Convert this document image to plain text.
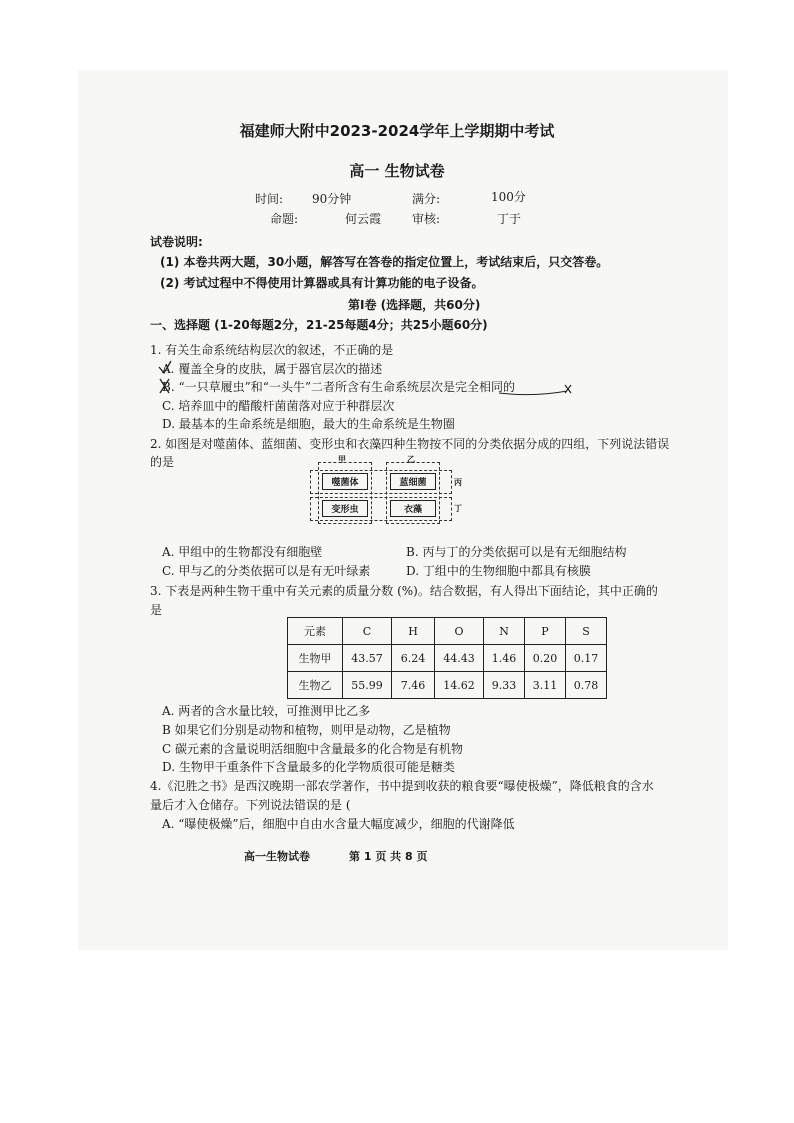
福建师大附中2023-2024学年上学期期中考试
高一 生物试卷
时间: 90分钟	满分:	100分
命题:	何云霞	审核:	丁于
试卷说明:
(1) 本卷共两大题，30小题，解答写在答卷的指定位置上，考试结束后，只交答卷。
(2) 考试过程中不得使用计算器或具有计算功能的电子设备。
第I卷 (选择题，共60分)
一、选择题 (1-20每题2分，21-25每题4分；共25小题60分)
1. 有关生命系统结构层次的叙述，不正确的是
A. 覆盖全身的皮肤，属于器官层次的描述
B. “一只草履虫”和“一头牛”二者所含有生命系统层次是完全相同的
C. 培养皿中的醋酸杆菌菌落对应于种群层次
D. 最基本的生命系统是细胞，最大的生命系统是生物圈
2. 如图是对噬菌体、蓝细菌、变形虫和衣藻四种生物按不同的分类依据分成的四组，下列说法错误
的是	甲	乙
丙
丁
噬菌体	蓝细菌
变形虫	衣藻
A. 甲组中的生物都没有细胞壁	B. 丙与丁的分类依据可以是有无细胞结构
C. 甲与乙的分类依据可以是有无叶绿素	D. 丁组中的生物细胞中都具有核膜
3. 下表是两种生物干重中有关元素的质量分数 (%)。结合数据，有人得出下面结论，其中正确的
是
元素	C	H	O	N	P	S
生物甲	43.57	6.24	44.43	1.46	0.20	0.17
生物乙	55.99	7.46	14.62	9.33	3.11	0.78
A. 两者的含水量比较，可推测甲比乙多
B 如果它们分别是动物和植物，则甲是动物，乙是植物
C 碳元素的含量说明活细胞中含量最多的化合物是有机物
D. 生物甲干重条件下含量最多的化学物质很可能是糖类
4.《氾胜之书》是西汉晚期一部农学著作，书中提到收获的粮食要“曝使极燥”，降低粮食的含水
量后才入仓储存。下列说法错误的是 (
A. “曝使极燥”后，细胞中自由水含量大幅度减少，细胞的代谢降低
高一生物试卷	第 1 页 共 8 页
